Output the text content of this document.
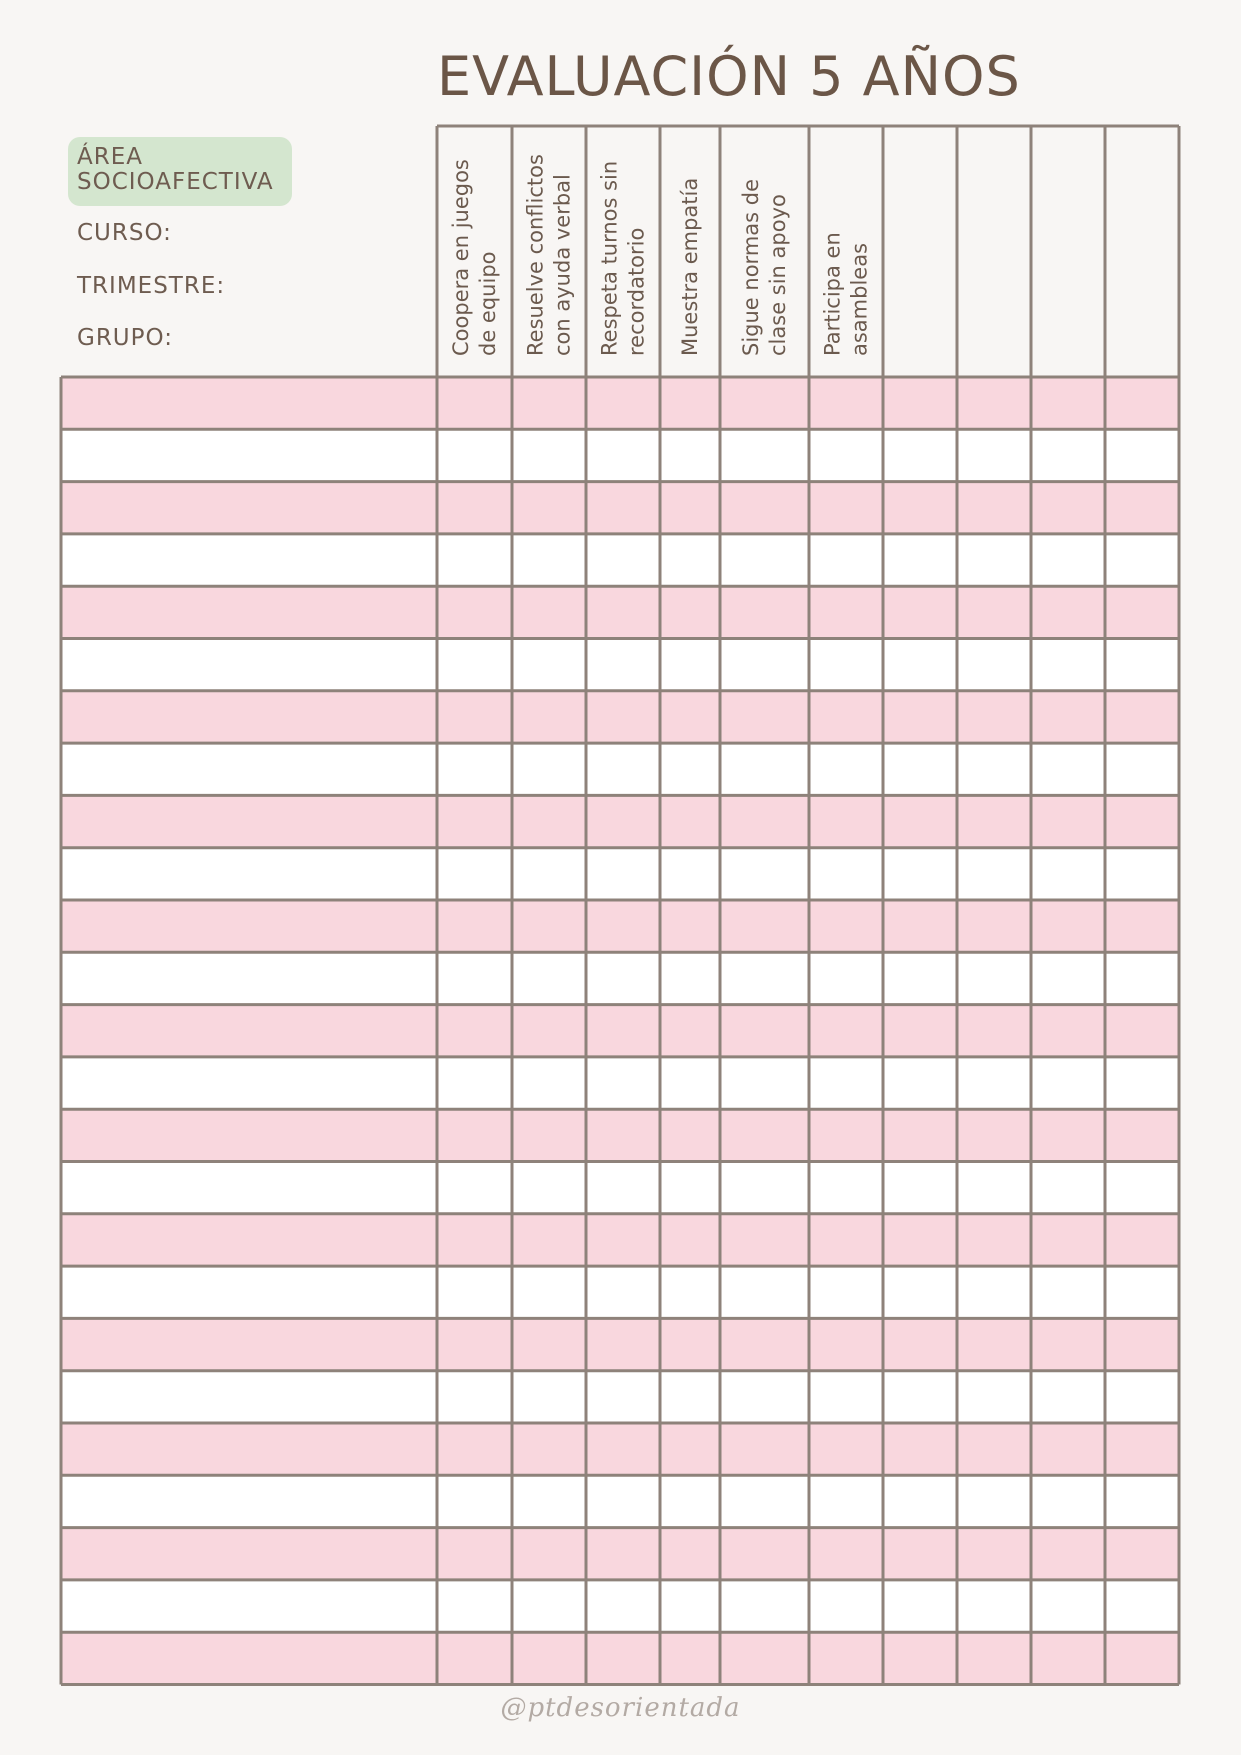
EVALUACIÓN 5 AÑOS
ÁREA SOCIOAFECTIVA
CURSO:
TRIMESTRE:
GRUPO:	Coopera en juegos de equipo Resuelve conflictos con ayuda verbal Respeta turnos sin recordatorio Muestra empatía Sigue normas de clase sin apoyo Participa en asambleas
@ptdesorientada
